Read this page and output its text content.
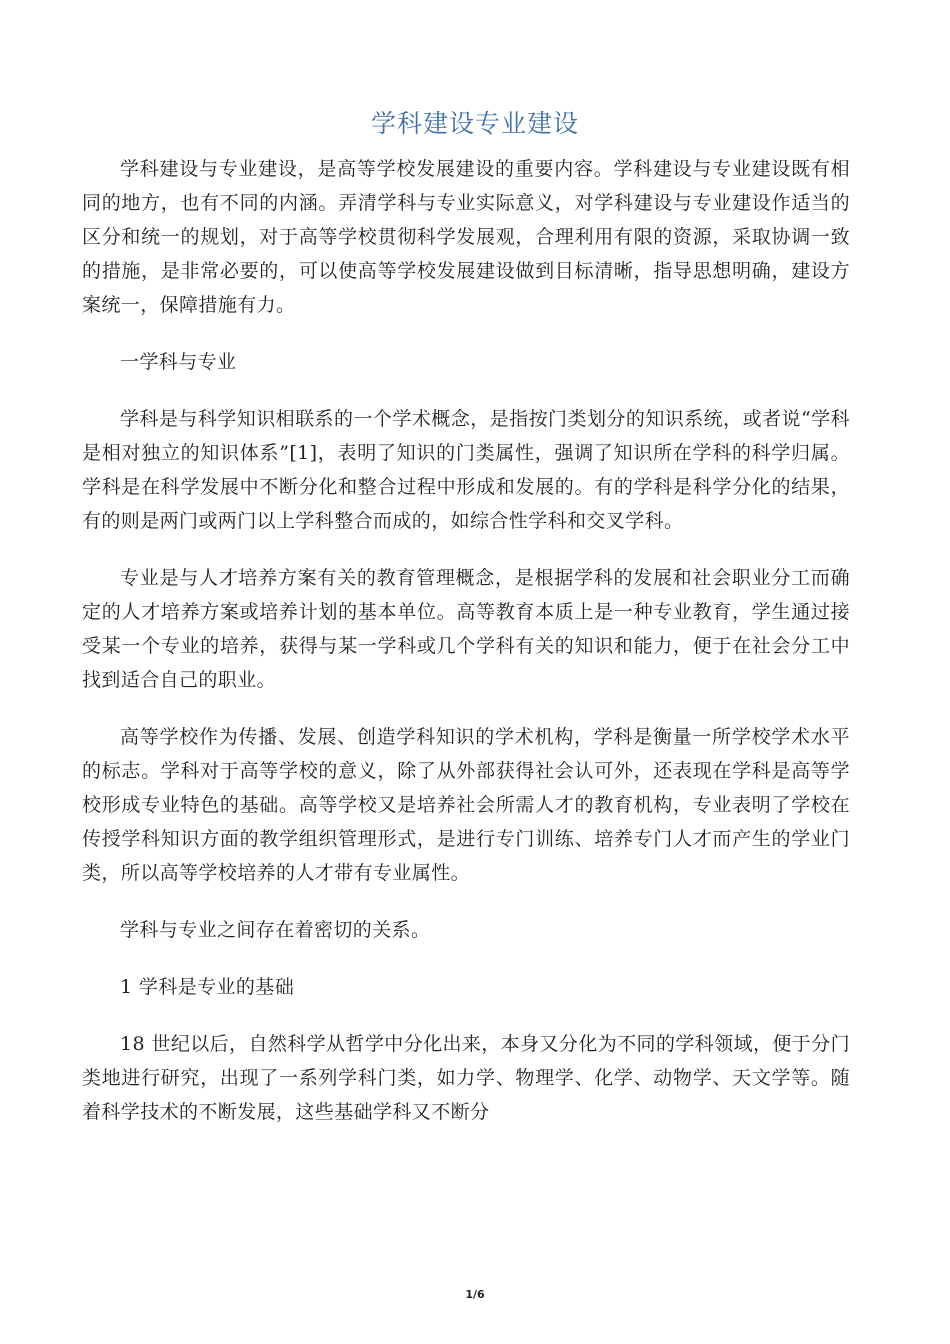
学科建设专业建设

学科建设与专业建设，是高等学校发展建设的重要内容。学科建设与专业建设既有相同的地方，也有不同的内涵。弄清学科与专业实际意义，对学科建设与专业建设作适当的区分和统一的规划，对于高等学校贯彻科学发展观，合理利用有限的资源，采取协调一致的措施，是非常必要的，可以使高等学校发展建设做到目标清晰，指导思想明确，建设方案统一，保障措施有力。

一学科与专业

学科是与科学知识相联系的一个学术概念，是指按门类划分的知识系统，或者说“学科是相对独立的知识体系”[1]，表明了知识的门类属性，强调了知识所在学科的科学归属。学科是在科学发展中不断分化和整合过程中形成和发展的。有的学科是科学分化的结果，有的则是两门或两门以上学科整合而成的，如综合性学科和交叉学科。

专业是与人才培养方案有关的教育管理概念，是根据学科的发展和社会职业分工而确定的人才培养方案或培养计划的基本单位。高等教育本质上是一种专业教育，学生通过接受某一个专业的培养，获得与某一学科或几个学科有关的知识和能力，便于在社会分工中找到适合自己的职业。

高等学校作为传播、发展、创造学科知识的学术机构，学科是衡量一所学校学术水平的标志。学科对于高等学校的意义，除了从外部获得社会认可外，还表现在学科是高等学校形成专业特色的基础。高等学校又是培养社会所需人才的教育机构，专业表明了学校在传授学科知识方面的教学组织管理形式，是进行专门训练、培养专门人才而产生的学业门类，所以高等学校培养的人才带有专业属性。

学科与专业之间存在着密切的关系。

1 学科是专业的基础

18 世纪以后，自然科学从哲学中分化出来，本身又分化为不同的学科领域，便于分门类地进行研究，出现了一系列学科门类，如力学、物理学、化学、动物学、天文学等。随着科学技术的不断发展，这些基础学科又不断分

1/6
